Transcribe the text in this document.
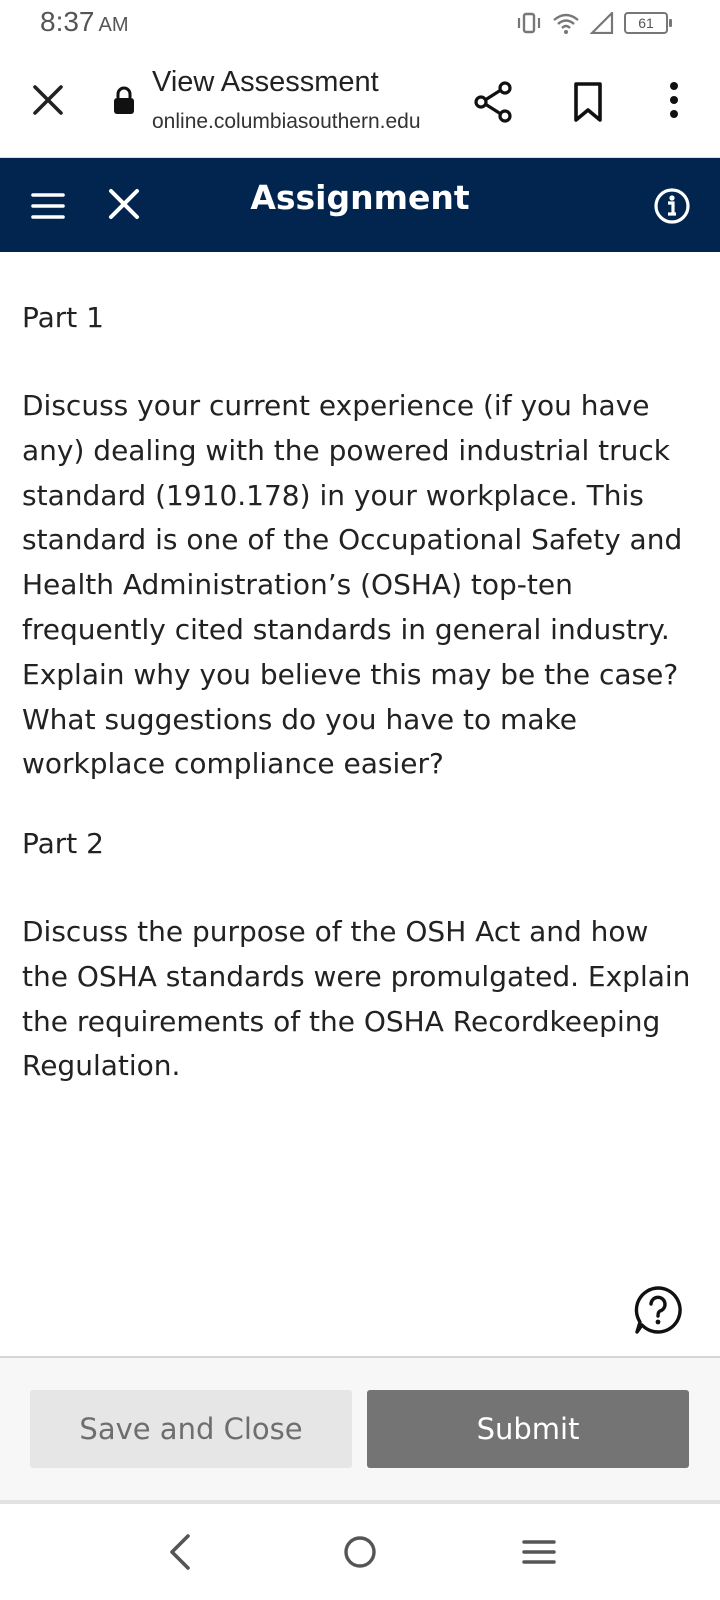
8:37 AM	61
View Assessment
online.columbiasouthern.edu
Part 1
Discuss your current experience (if you have any) dealing with the powered industrial truck standard (1910.178) in your workplace. This standard is one of the Occupational Safety and Health Administration’s (OSHA) top-ten frequently cited standards in general industry. Explain why you believe this may be the case? What suggestions do you have to make workplace compliance easier?
Part 2
Discuss the purpose of the OSH Act and how the OSHA standards were promulgated. Explain the requirements of the OSHA Recordkeeping Regulation.
Assignment
Save and Close	Submit
